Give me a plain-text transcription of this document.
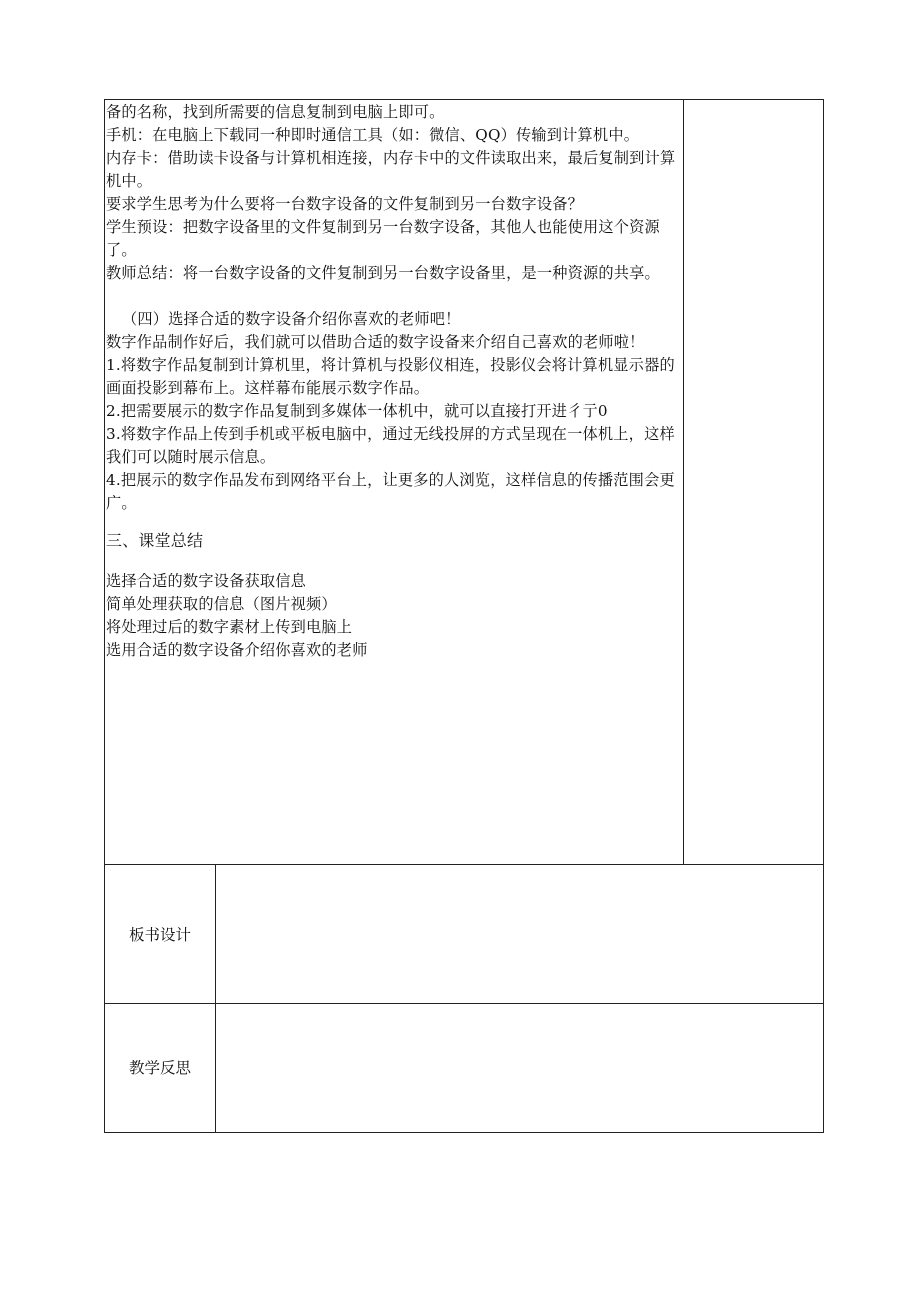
备的名称，找到所需要的信息复制到电脑上即可。

手机：在电脑上下载同一种即时通信工具（如：微信、QQ）传输到计算机中。

内存卡：借助读卡设备与计算机相连接，内存卡中的文件读取出来，最后复制到计算机中。

要求学生思考为什么要将一台数字设备的文件复制到另一台数字设备？

学生预设：把数字设备里的文件复制到另一台数字设备，其他人也能使用这个资源了。

教师总结：将一台数字设备的文件复制到另一台数字设备里，是一种资源的共享。

（四）选择合适的数字设备介绍你喜欢的老师吧！

数字作品制作好后，我们就可以借助合适的数字设备来介绍自己喜欢的老师啦！

1.将数字作品复制到计算机里，将计算机与投影仪相连，投影仪会将计算机显示器的画面投影到幕布上。这样幕布能展示数字作品。

2.把需要展示的数字作品复制到多媒体一体机中，就可以直接打开进彳亍0

3.将数字作品上传到手机或平板电脑中，通过无线投屏的方式呈现在一体机上，这样我们可以随时展示信息。

4.把展示的数字作品发布到网络平台上，让更多的人浏览，这样信息的传播范围会更广。

三、课堂总结

选择合适的数字设备获取信息

简单处理获取的信息（图片视频）

将处理过后的数字素材上传到电脑上

选用合适的数字设备介绍你喜欢的老师

板书设计
教学反思
